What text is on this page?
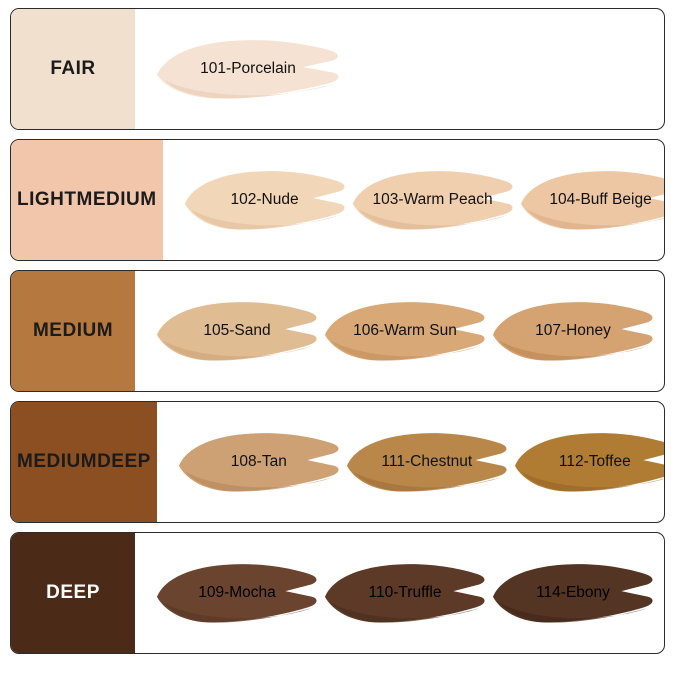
FAIR	101-Porcelain
LIGHT MEDIUM	102-Nude	103-Warm Peach	104-Buff Beige
MEDIUM	105-Sand	106-Warm Sun	107-Honey
MEDIUM DEEP	108-Tan	111-Chestnut	112-Toffee
DEEP	109-Mocha	110-Truffle	114-Ebony
